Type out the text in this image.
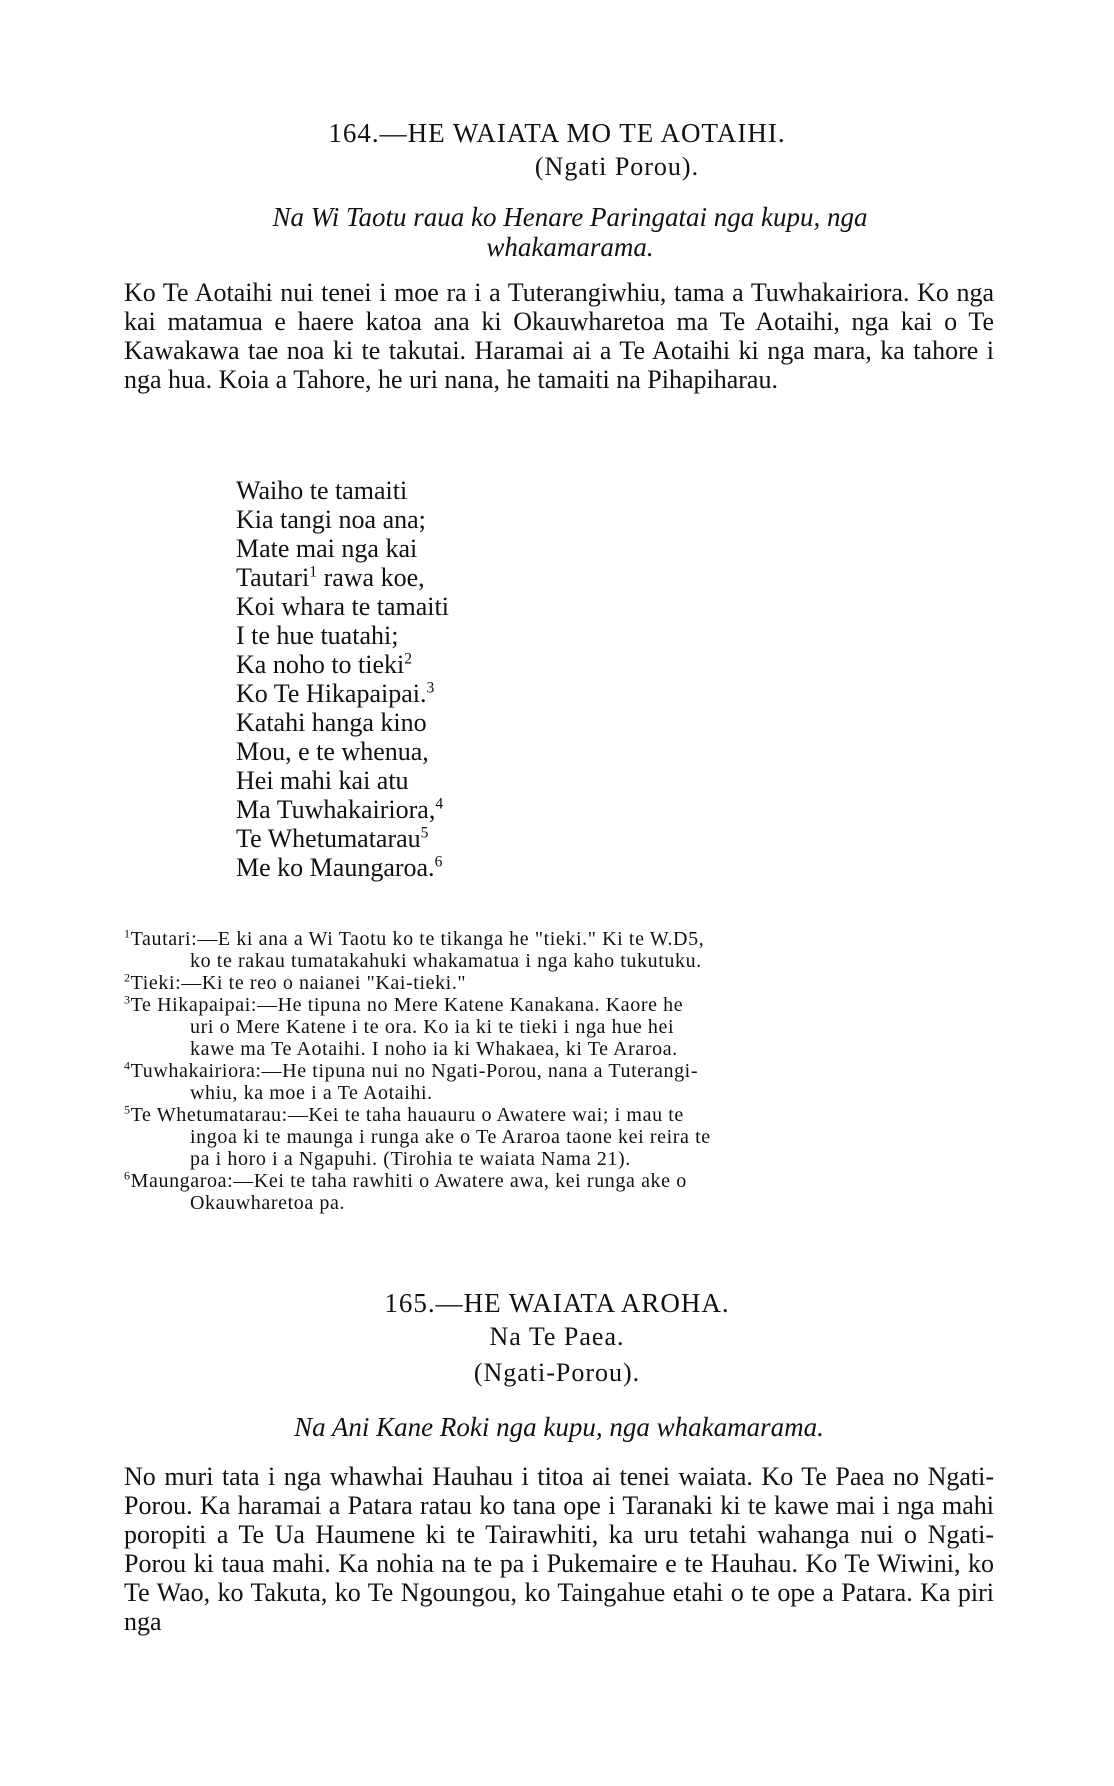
164.—HE WAIATA MO TE AOTAIHI.
(Ngati Porou).
Na Wi Taotu raua ko Henare Paringatai nga kupu, nga whakamarama.
Ko Te Aotaihi nui tenei i moe ra i a Tuterangiwhiu, tama a Tuwhakairiora. Ko nga kai matamua e haere katoa ana ki Okauwharetoa ma Te Aotaihi, nga kai o Te Kawakawa tae noa ki te takutai. Haramai ai a Te Aotaihi ki nga mara, ka tahore i nga hua. Koia a Tahore, he uri nana, he tamaiti na Pihapiharau.
Waiho te tamaiti
Kia tangi noa ana;
Mate mai nga kai
Tautari$^1$ rawa koe,
Koi whara te tamaiti
I te hue tuatahi;
Ka noho to tieki$^2$
Ko Te Hikapaipai.$^3$
Katahi hanga kino
Mou, e te whenua,
Hei mahi kai atu
Ma Tuwhakairiora,$^4$
Te Whetumatarau$^5$
Me ko Maungaroa.$^6$
$^1$Tautari:—E ki ana a Wi Taotu ko te tikanga he "tieki." Ki te W.D5,
ko te rakau tumatakahuki whakamatua i nga kaho tukutuku.
$^2$Tieki:—Ki te reo o naianei "Kai-tieki."
$^3$Te Hikapaipai:—He tipuna no Mere Katene Kanakana. Kaore he
uri o Mere Katene i te ora. Ko ia ki te tieki i nga hue hei
kawe ma Te Aotaihi. I noho ia ki Whakaea, ki Te Araroa.
$^4$Tuwhakairiora:—He tipuna nui no Ngati-Porou, nana a Tuterangi-
whiu, ka moe i a Te Aotaihi.
$^5$Te Whetumatarau:—Kei te taha hauauru o Awatere wai; i mau te
ingoa ki te maunga i runga ake o Te Araroa taone kei reira te
pa i horo i a Ngapuhi. (Tirohia te waiata Nama 21).
$^6$Maungaroa:—Kei te taha rawhiti o Awatere awa, kei runga ake o
Okauwharetoa pa.
165.—HE WAIATA AROHA.
Na Te Paea.
(Ngati-Porou).
Na Ani Kane Roki nga kupu, nga whakamarama.
No muri tata i nga whawhai Hauhau i titoa ai tenei waiata. Ko Te Paea no Ngati-Porou. Ka haramai a Patara ratau ko tana ope i Taranaki ki te kawe mai i nga mahi poropiti a Te Ua Haumene ki te Tairawhiti, ka uru tetahi wahanga nui o Ngati-Porou ki taua mahi. Ka nohia na te pa i Pukemaire e te Hauhau. Ko Te Wiwini, ko Te Wao, ko Takuta, ko Te Ngoungou, ko Taingahue etahi o te ope a Patara. Ka piri nga
